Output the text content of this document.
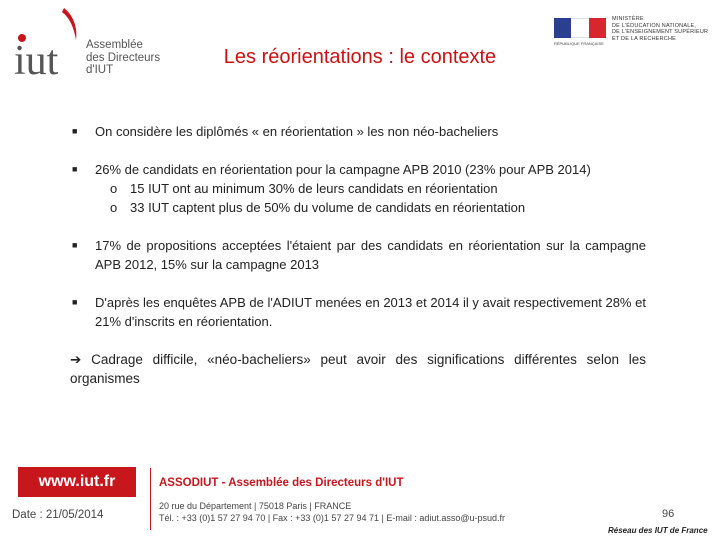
iut Assemblée
des Directeurs
d'IUT
Les réorientations : le contexte
RÉPUBLIQUE FRANÇAISE
MINISTÈRE
DE L'ÉDUCATION NATIONALE,
DE L'ENSEIGNEMENT SUPÉRIEUR
ET DE LA RECHERCHE
■ On considère les diplômés « en réorientation » les non néo-bacheliers
■ 26% de candidats en réorientation pour la campagne APB 2010 (23% pour APB 2014)
o 15 IUT ont au minimum 30% de leurs candidats en réorientation
o 33 IUT captent plus de 50% du volume de candidats en réorientation
■ 17% de propositions acceptées l'étaient par des candidats en réorientation sur la campagne APB 2012, 15% sur la campagne 2013
■ D'après les enquêtes APB de l'ADIUT menées en 2013 et 2014 il y avait respectivement 28% et 21% d'inscrits en réorientation.
➔ Cadrage difficile, «néo-bacheliers» peut avoir des significations différentes selon les organismes
www.iut.fr
Date : 21/05/2014
ASSODIUT - Assemblée des Directeurs d'IUT
20 rue du Département | 75018 Paris | FRANCE
Tél. : +33 (0)1 57 27 94 70 | Fax : +33 (0)1 57 27 94 71 | E-mail : adiut.asso@u-psud.fr	96
Réseau des IUT de France
